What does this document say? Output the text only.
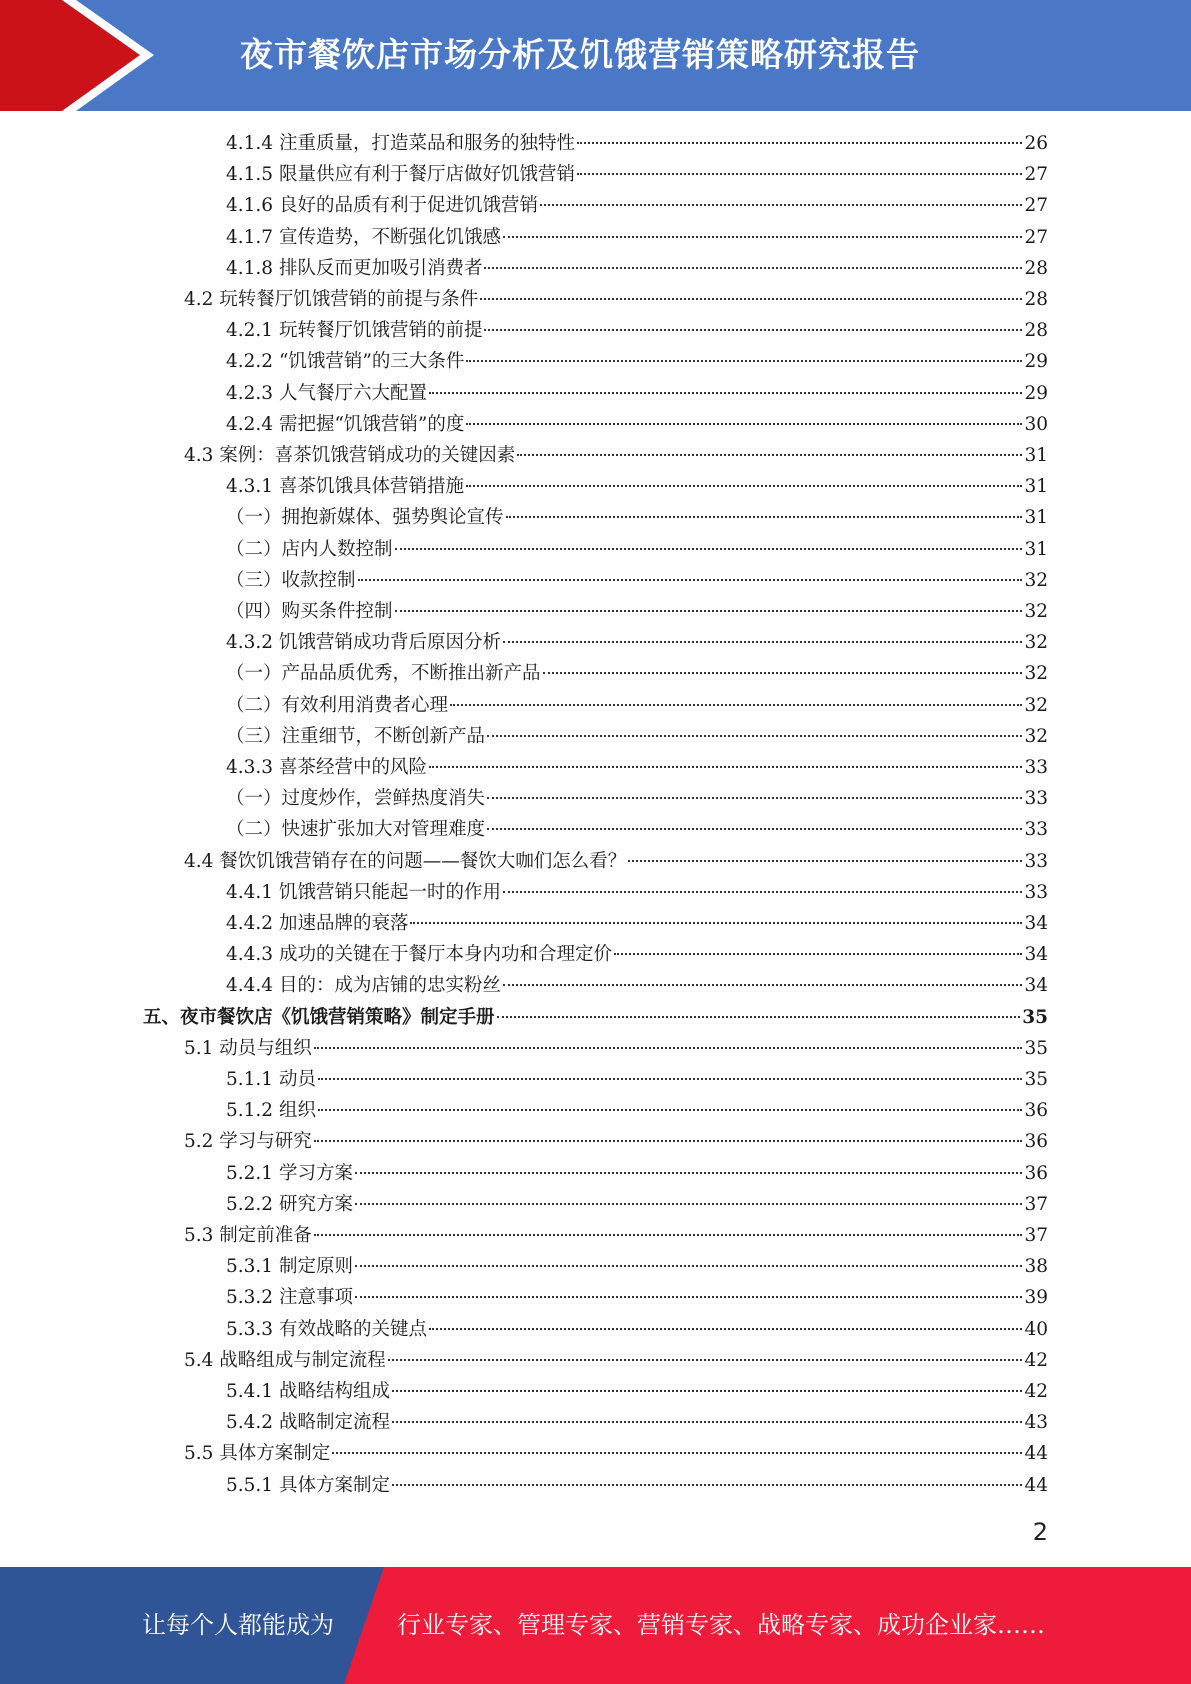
夜市餐饮店市场分析及饥饿营销策略研究报告
4.1.4 注重质量，打造菜品和服务的独特性	26
4.1.5 限量供应有利于餐厅店做好饥饿营销	27
4.1.6 良好的品质有利于促进饥饿营销	27
4.1.7 宣传造势，不断强化饥饿感	27
4.1.8 排队反而更加吸引消费者	28
4.2 玩转餐厅饥饿营销的前提与条件	28
4.2.1 玩转餐厅饥饿营销的前提	28
4.2.2 “饥饿营销”的三大条件	29
4.2.3 人气餐厅六大配置	29
4.2.4 需把握“饥饿营销”的度	30
4.3 案例：喜茶饥饿营销成功的关键因素	31
4.3.1 喜茶饥饿具体营销措施	31
（一）拥抱新媒体、强势舆论宣传	31
（二）店内人数控制	31
（三）收款控制	32
（四）购买条件控制	32
4.3.2 饥饿营销成功背后原因分析	32
（一）产品品质优秀，不断推出新产品	32
（二）有效利用消费者心理	32
（三）注重细节，不断创新产品	32
4.3.3 喜茶经营中的风险	33
（一）过度炒作，尝鲜热度消失	33
（二）快速扩张加大对管理难度	33
4.4 餐饮饥饿营销存在的问题——餐饮大咖们怎么看？	33
4.4.1 饥饿营销只能起一时的作用	33
4.4.2 加速品牌的衰落	34
4.4.3 成功的关键在于餐厅本身内功和合理定价	34
4.4.4 目的：成为店铺的忠实粉丝	34
五、夜市餐饮店《饥饿营销策略》制定手册	35
5.1 动员与组织	35
5.1.1 动员	35
5.1.2 组织	36
5.2 学习与研究	36
5.2.1 学习方案	36
5.2.2 研究方案	37
5.3 制定前准备	37
5.3.1 制定原则	38
5.3.2 注意事项	39
5.3.3 有效战略的关键点	40
5.4 战略组成与制定流程	42
5.4.1 战略结构组成	42
5.4.2 战略制定流程	43
5.5 具体方案制定	44
5.5.1 具体方案制定	44
2
让每个人都能成为	行业专家、管理专家、营销专家、战略专家、成功企业家……
